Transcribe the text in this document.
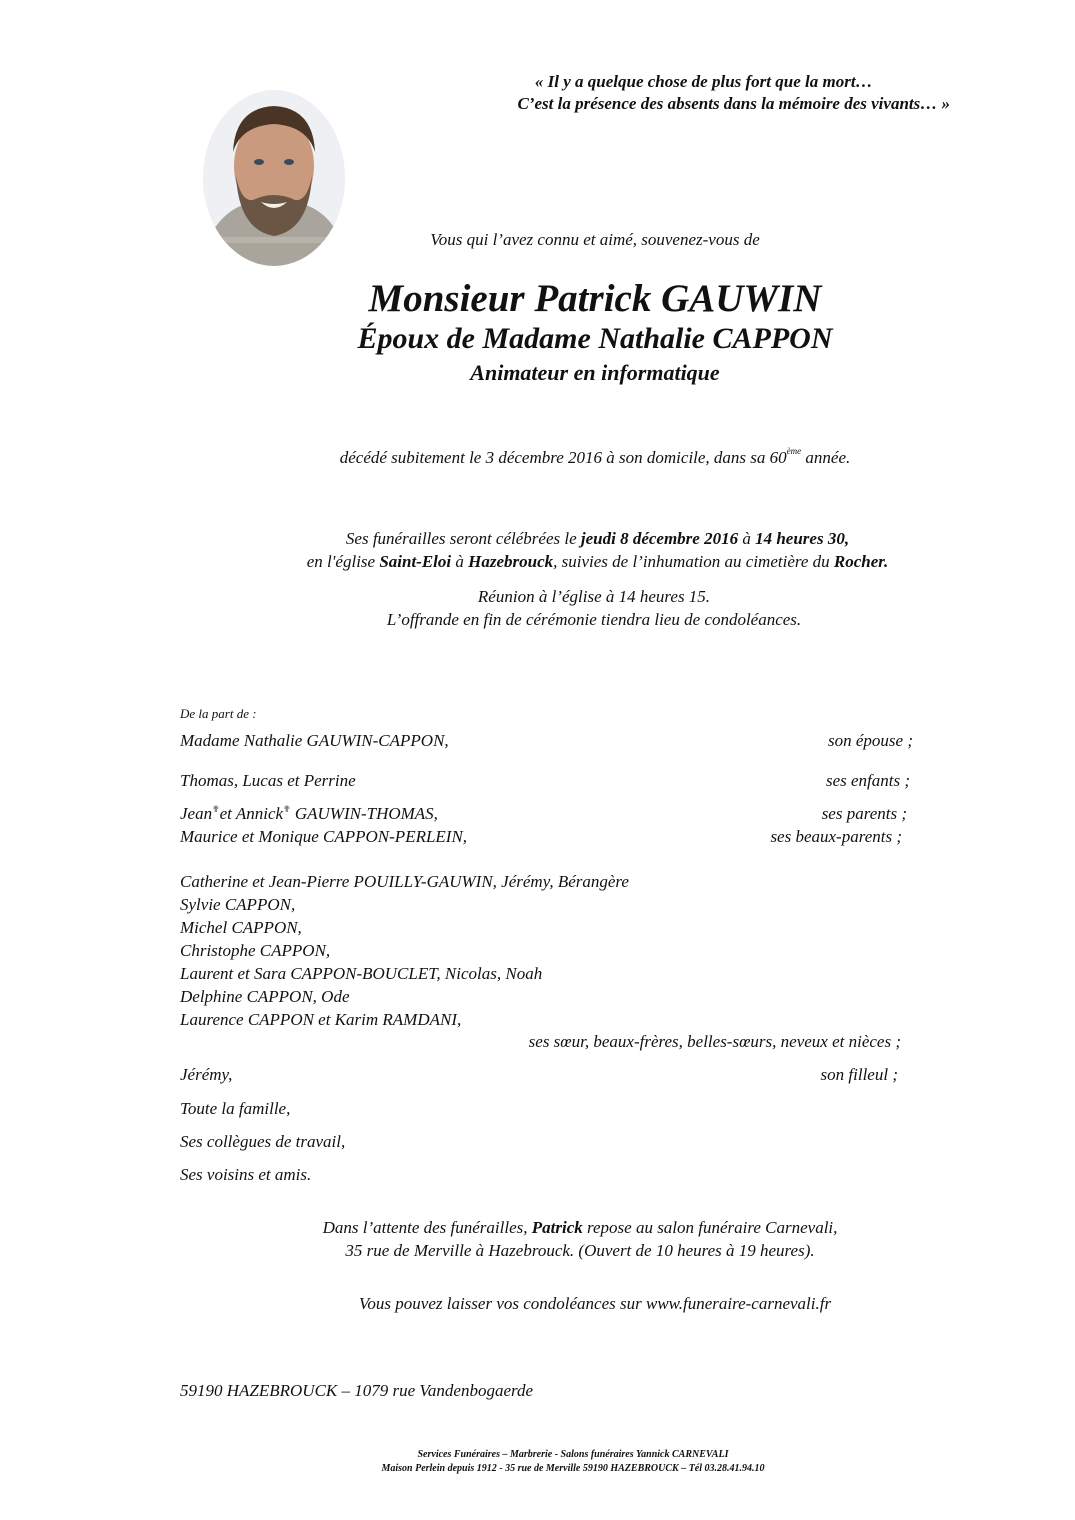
« Il y a quelque chose de plus fort que la mort…
C’est la présence des absents dans la mémoire des vivants… »
Vous qui l’avez connu et aimé, souvenez-vous de
Monsieur Patrick GAUWIN
Époux de Madame Nathalie CAPPON
Animateur en informatique
décédé subitement le 3 décembre 2016 à son domicile, dans sa 60ème année.
Ses funérailles seront célébrées le jeudi 8 décembre 2016 à 14 heures 30,
en l'église Saint-Eloi à Hazebrouck, suivies de l’inhumation au cimetière du Rocher.
Réunion à l’église à 14 heures 15.
L’offrande en fin de cérémonie tiendra lieu de condoléances.
De la part de :
Madame Nathalie GAUWIN-CAPPON,	son épouse ;
Thomas, Lucas et Perrine	ses enfants ;
Jean✟et Annick✟ GAUWIN-THOMAS,	ses parents ;
Maurice et Monique CAPPON-PERLEIN,	ses beaux-parents ;
Catherine et Jean-Pierre POUILLY-GAUWIN, Jérémy, Bérangère
Sylvie CAPPON,
Michel CAPPON,
Christophe CAPPON,
Laurent et Sara CAPPON-BOUCLET, Nicolas, Noah
Delphine CAPPON, Ode
Laurence CAPPON et Karim RAMDANI,
ses sœur, beaux-frères, belles-sœurs, neveux et nièces ;
Jérémy,	son filleul ;
Toute la famille,
Ses collègues de travail,
Ses voisins et amis.
Dans l’attente des funérailles, Patrick repose au salon funéraire Carnevali,
35 rue de Merville à Hazebrouck. (Ouvert de 10 heures à 19 heures).
Vous pouvez laisser vos condoléances sur www.funeraire-carnevali.fr
59190 HAZEBROUCK – 1079 rue Vandenbogaerde
Services Funéraires – Marbrerie - Salons funéraires Yannick CARNEVALI
Maison Perlein depuis 1912 - 35 rue de Merville 59190 HAZEBROUCK – Tél 03.28.41.94.10
